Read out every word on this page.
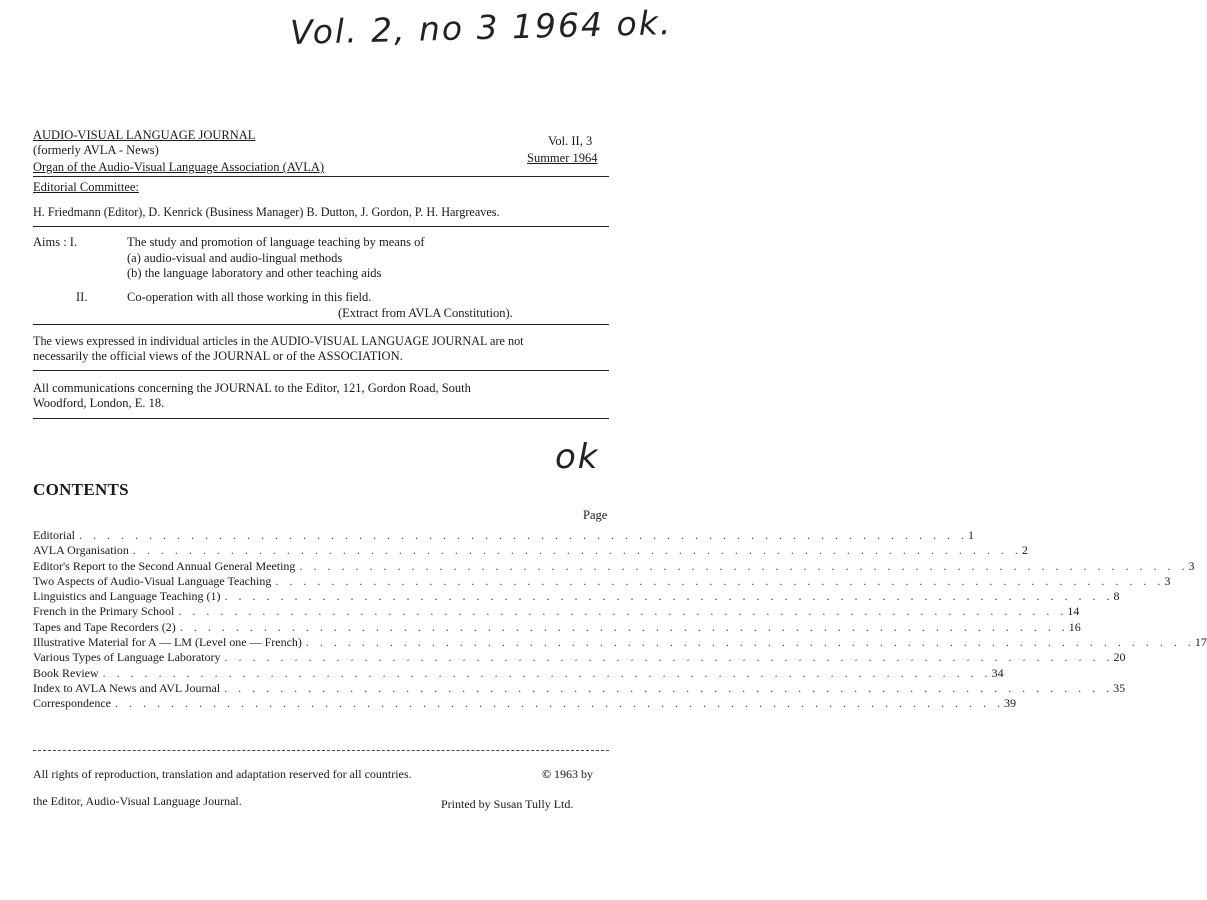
Vol. 2, no 3 1964 ok.
AUDIO-VISUAL LANGUAGE JOURNAL
(formerly AVLA - News)
Organ of the Audio-Visual Language Association (AVLA)
Vol. II, 3
Summer 1964
Editorial Committee:
H. Friedmann (Editor), D. Kenrick (Business Manager) B. Dutton, J. Gordon, P. H. Hargreaves.
Aims : I.	The study and promotion of language teaching by means of
(a) audio-visual and audio-lingual methods
(b) the language laboratory and other teaching aids
II.	Co-operation with all those working in this field.
(Extract from AVLA Constitution).
The views expressed in individual articles in the AUDIO-VISUAL LANGUAGE JOURNAL are not
necessarily the official views of the JOURNAL or of the ASSOCIATION.
All communications concerning the JOURNAL to the Editor, 121, Gordon Road, South
Woodford, London, E. 18.
ok
CONTENTS
Page
Editorial . . . . . . . . . . . . . . . . . . . . . . . . . . . . . . . . . . . . . . . . . . . . . . . . . . . . . . . . . . . . . . . . 1
AVLA Organisation . . . . . . . . . . . . . . . . . . . . . . . . . . . . . . . . . . . . . . . . . . . . . . . . . . . . . . . . . . . . . . . . 2
Editor's Report to the Second Annual General Meeting . . . . . . . . . . . . . . . . . . . . . . . . . . . . . . . . . . . . . . . . . . . . . . . . . . . . . . . . . . . . . . . . 3
Two Aspects of Audio-Visual Language Teaching . . . . . . . . . . . . . . . . . . . . . . . . . . . . . . . . . . . . . . . . . . . . . . . . . . . . . . . . . . . . . . . . 3
Linguistics and Language Teaching (1) . . . . . . . . . . . . . . . . . . . . . . . . . . . . . . . . . . . . . . . . . . . . . . . . . . . . . . . . . . . . . . . . 8
French in the Primary School . . . . . . . . . . . . . . . . . . . . . . . . . . . . . . . . . . . . . . . . . . . . . . . . . . . . . . . . . . . . . . . . 14
Tapes and Tape Recorders (2) . . . . . . . . . . . . . . . . . . . . . . . . . . . . . . . . . . . . . . . . . . . . . . . . . . . . . . . . . . . . . . . . 16
Illustrative Material for A — LM (Level one — French) . . . . . . . . . . . . . . . . . . . . . . . . . . . . . . . . . . . . . . . . . . . . . . . . . . . . . . . . . . . . . . . . 17
Various Types of Language Laboratory . . . . . . . . . . . . . . . . . . . . . . . . . . . . . . . . . . . . . . . . . . . . . . . . . . . . . . . . . . . . . . . . 20
Book Review . . . . . . . . . . . . . . . . . . . . . . . . . . . . . . . . . . . . . . . . . . . . . . . . . . . . . . . . . . . . . . . . 34
Index to AVLA News and AVL Journal . . . . . . . . . . . . . . . . . . . . . . . . . . . . . . . . . . . . . . . . . . . . . . . . . . . . . . . . . . . . . . . . 35
Correspondence . . . . . . . . . . . . . . . . . . . . . . . . . . . . . . . . . . . . . . . . . . . . . . . . . . . . . . . . . . . . . . . . 39
All rights of reproduction, translation and adaptation reserved for all countries.	© 1963 by
the Editor, Audio-Visual Language Journal.	Printed by Susan Tully Ltd.
